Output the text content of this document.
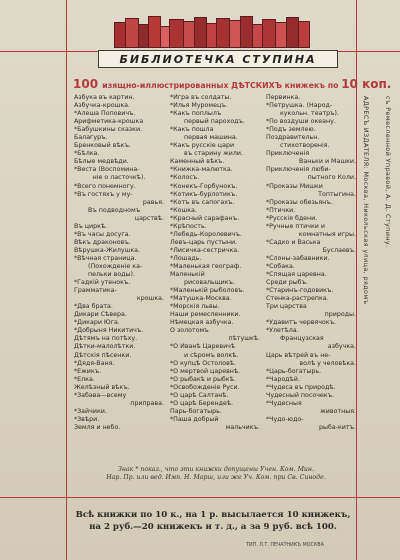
БИБЛИОТЕЧКА СТУПИНА
100 изящно-иллюстрированных ДѢТСКИХЪ книжекъ по 10 коп.
Азбука въ картин.
Азбучка-крошка.
*Алеша Поповичъ.
Арифметика-крошка
*Бабушкины сказки.
Балагуръ.
Бренковый вѣкъ.
*Бѣлка.
Бѣлые медвѣди.
*Веста (Воспомина-
ніе о ласточкѣ).
*Всего понемногу.
*Въ гостяхъ у му-
равья.
Въ подводномъ
царствѣ.
Въ циркѣ.
*Въ часы досуга.
Вѣкъ драконовъ.
Вѣрушка-Жилушка.
*Вѣчная страница.
(Похожденіе ка-
пельки воды).
*Гадкій утенокъ.
Грамматика-
крошка.
*Два брата.
Дикари Сѣвера.
*Дикари Юга.
*Добрыня Никитичъ.
Дѣтямъ на потѣху.
Дѣтки-малолѣтки.
Дѣтскія пѣсенки.
*Дядя-Ваня.
*Ежикъ.
*Елка.
Желѣзный вѣкъ.
*Забава—всему
приправа.
*Зайчики.
*Звѣри.
Земля и небо.
*Игра въ солдаты.
*Илья Муромецъ.
*Какъ поплылъ
первый пароходъ.
*Какъ пошла
первая машина.
*Какъ русскіе цари
въ старину жили.
Каменный вѣкъ.
*Книжка-малютка.
*Колосъ.
*Конекъ-Горбунокъ.
*Котикъ-бурлотикъ.
*Котъ въ сапогахъ.
*Кошка.
*Красный сарафанъ.
*Крѣпость.
*Лебедь-Королевичъ.
Левъ-царь пустыни.
*Лисичка-сестричка.
*Лошадь.
*Маленькая географ.
Маленькій
рисовальщикъ.
*Маленькій рыболовъ.
*Матушка-Москва.
*Морскія львы.
Наши ремесленники.
Нѣмецкая азбучка.
О золотомъ
пѣтушкѣ.
*О Иванѣ Царевичѣ
и сѣромъ волкѣ.
*О купцѣ Остоловѣ.
*О мертвой царевнѣ.
*О рыбакѣ и рыбкѣ.
*Освобожденіе Руси.
*О царѣ Салтанѣ.
*О царѣ Берендеѣ.
Парь-богатырь.
*Паша добрый
мальчикъ.
Первинка.
*Петрушка. (Народ-
кукольн. театръ).
*По воздуши океану.
*Подъ землею.
Поздравительн.
стихотворенія.
Приключенія
Ваньки и Машки.
Приключенія люби-
пытного Коли.
*Проказы Мишки
Топтыгина.
*Проказы обезьянъ.
*Птички.
*Русскія бдени.
*Ручные птички и
комнатныя игры.
*Садко и Васька
Буслаевъ.
*Слоны-забавники.
*Собака.
*Спящая царевна.
Среди рыбъ.
*Старинъ-годовикъ.
Стенка-растрепка.
Три царства
природы.
*Удавитъ червячокъ.
*Улетѣла.
Французская
азбучка.
Царь вѣтрей въ не-
волѣ у человѣка.
*Царь-богатырь.
*Чародѣй.
*Чудеса въ природѣ.
Чудесный посочекъ.
*Чудесныя
животныя.
*Чудо-юдо-
рыба-китъ.
Знак * показ., что эти книжки допущены Учен. Ком. Мин.
Нар. Пр. или вед. Имп. Н. Марш, или же Уч. Ком. при Св. Синоде.
Всѣ книжки по 10 к., на 1 р. высылается 10 книжекъ,
на 2 руб.—20 книжекъ и т. д., а за 9 руб. всѣ 100.
ТИП. Л.Т. ПЕЧАТНИКЪ МОСКВА
АДРЕСЪ ИЗДАТЕЛЯ: Москва, Никольская улица, рядомъ съ Ремесленной Управой, А. Д. Ступину.
